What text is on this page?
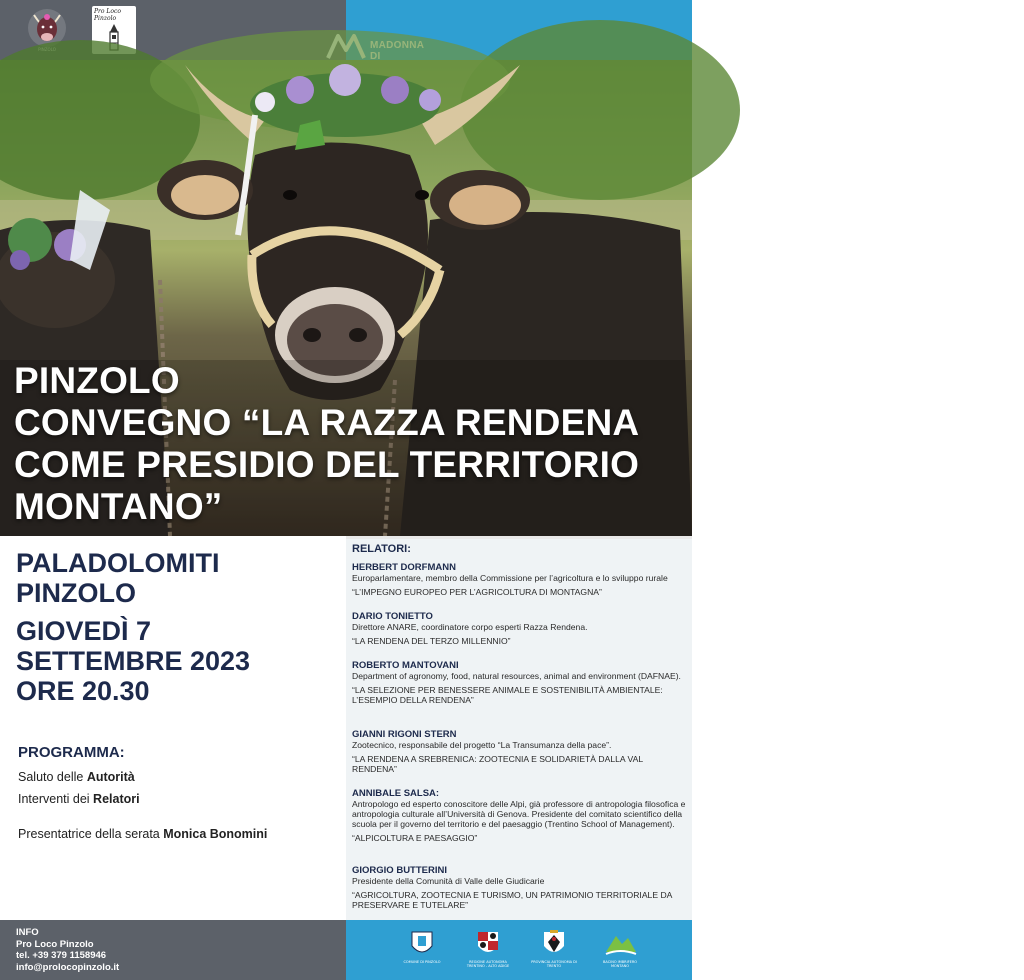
Pro Loco Pinzolo
TRENTINO
PINZOLO
CONVEGNO “LA RAZZA RENDENA
COME PRESIDIO DEL TERRITORIO
MONTANO”
PALADOLOMITI
PINZOLO
GIOVEDÌ 7
SETTEMBRE 2023
ORE 20.30
PROGRAMMA:
Saluto delle Autorità
Interventi dei Relatori
Presentatrice della serata Monica Bonomini
RELATORI:
HERBERT DORFMANN
Europarlamentare, membro della Commissione per l’agricoltura e lo sviluppo rurale
“L’IMPEGNO EUROPEO PER L’AGRICOLTURA DI MONTAGNA”
DARIO TONIETTO
Direttore ANARE, coordinatore corpo esperti Razza Rendena.
“LA RENDENA DEL TERZO MILLENNIO”
ROBERTO MANTOVANI
Department of agronomy, food, natural resources, animal and environment (DAFNAE).
“LA SELEZIONE PER BENESSERE ANIMALE E SOSTENIBILITÀ AMBIENTALE: L’ESEMPIO DELLA RENDENA”
GIANNI RIGONI STERN
Zootecnico, responsabile del progetto “La Transumanza della pace”.
“LA RENDENA A SREBRENICA: ZOOTECNIA E SOLIDARIETÀ DALLA VAL RENDENA”
ANNIBALE SALSA:
Antropologo ed esperto conoscitore delle Alpi, già professore di antropologia filosofica e antropologia culturale all’Università di Genova. Presidente del comitato scientifico della scuola per il governo del territorio e del paesaggio (Trentino School of Management).
“ALPICOLTURA E PAESAGGIO”
GIORGIO BUTTERINI
Presidente della Comunità di Valle delle Giudicarie
“AGRICOLTURA, ZOOTECNIA E TURISMO, UN PATRIMONIO TERRITORIALE DA PRESERVARE E TUTELARE”
INFO
Pro Loco Pinzolo
tel. +39 379 1158946
info@prolocopinzolo.it	COMUNE DI PINZOLO	REGIONE AUTONOMA TRENTINO - ALTO ADIGE
PROVINCIA AUTONOMA DI TRENTO
BACINO IMBRIFERO MONTANO
